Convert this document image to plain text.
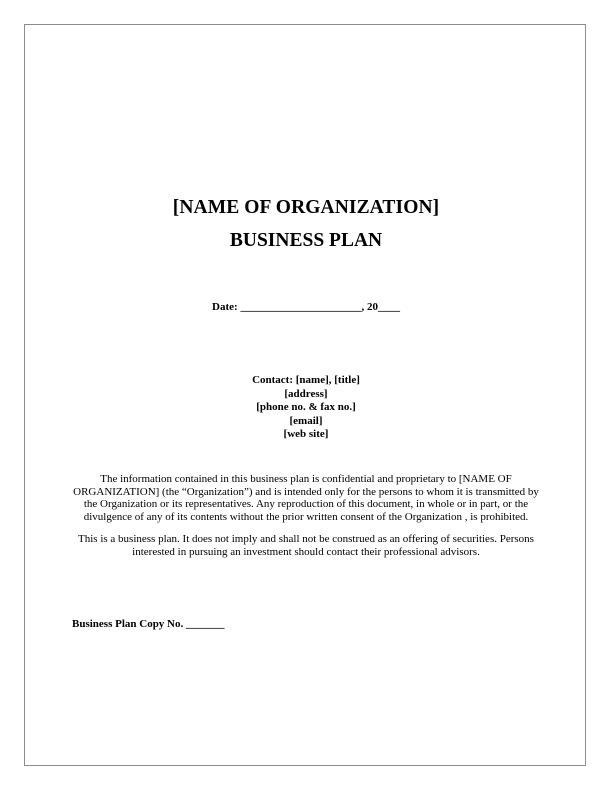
[NAME OF ORGANIZATION]
BUSINESS PLAN
Date: ______________________, 20____
Contact: [name], [title]
[address]
[phone no. & fax no.]
[email]
[web site]
The information contained in this business plan is confidential and proprietary to [NAME OF ORGANIZATION] (the “Organization”) and is intended only for the persons to whom it is transmitted by the Organization or its representatives. Any reproduction of this document, in whole or in part, or the divulgence of any of its contents without the prior written consent of the Organization , is prohibited.
This is a business plan. It does not imply and shall not be construed as an offering of securities. Persons interested in pursuing an investment should contact their professional advisors.
Business Plan Copy No. _______
